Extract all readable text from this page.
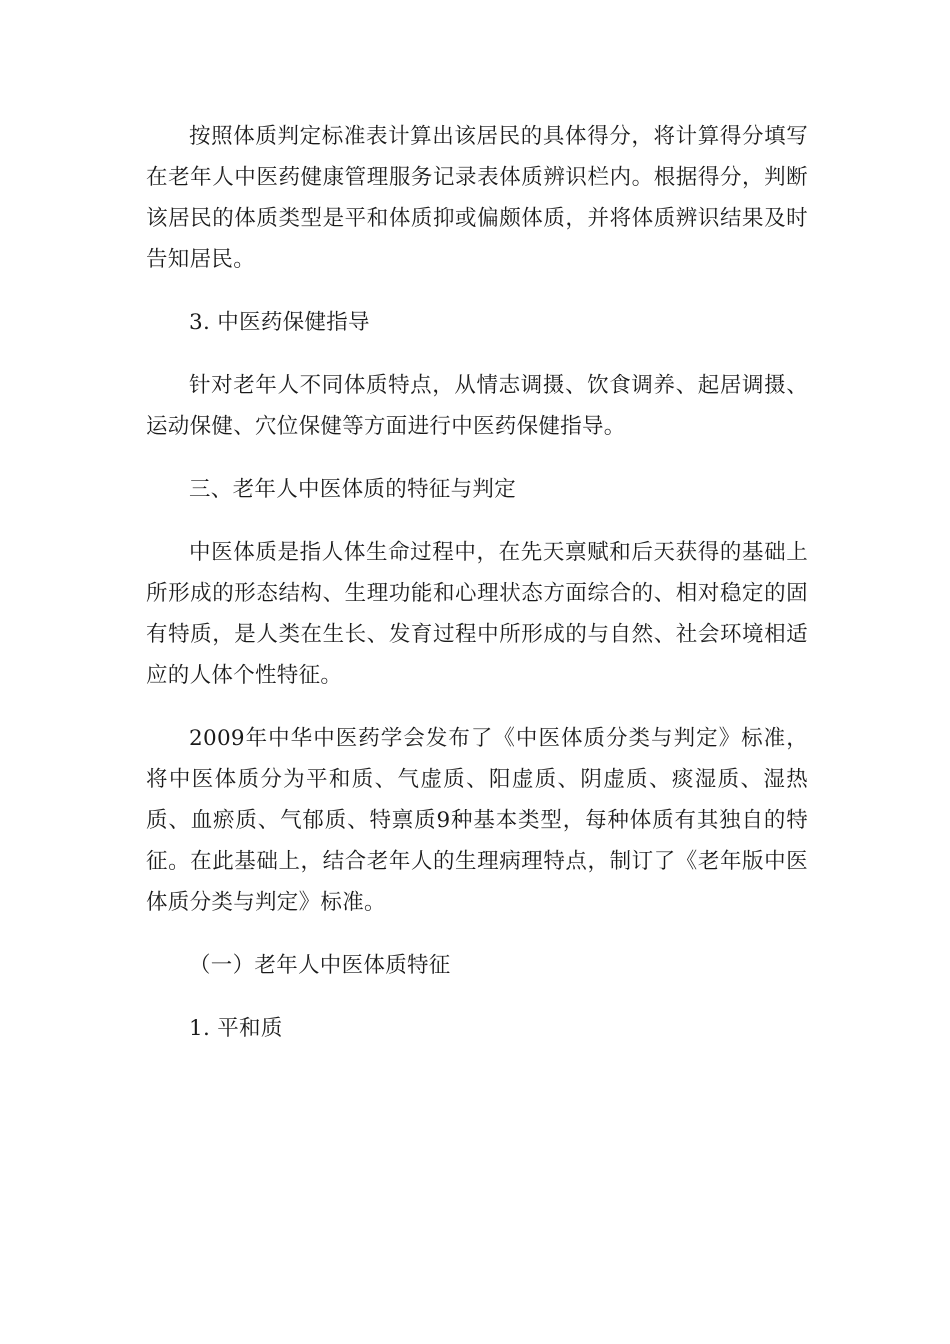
按照体质判定标准表计算出该居民的具体得分，将计算得分填写在老年人中医药健康管理服务记录表体质辨识栏内。根据得分，判断该居民的体质类型是平和体质抑或偏颇体质，并将体质辨识结果及时告知居民。

3. 中医药保健指导

针对老年人不同体质特点，从情志调摄、饮食调养、起居调摄、运动保健、穴位保健等方面进行中医药保健指导。

三、老年人中医体质的特征与判定

中医体质是指人体生命过程中，在先天禀赋和后天获得的基础上所形成的形态结构、生理功能和心理状态方面综合的、相对稳定的固有特质，是人类在生长、发育过程中所形成的与自然、社会环境相适应的人体个性特征。

2009年中华中医药学会发布了《中医体质分类与判定》标准，将中医体质分为平和质、气虚质、阳虚质、阴虚质、痰湿质、湿热质、血瘀质、气郁质、特禀质9种基本类型，每种体质有其独自的特征。在此基础上，结合老年人的生理病理特点，制订了《老年版中医体质分类与判定》标准。

（一）老年人中医体质特征

1. 平和质
